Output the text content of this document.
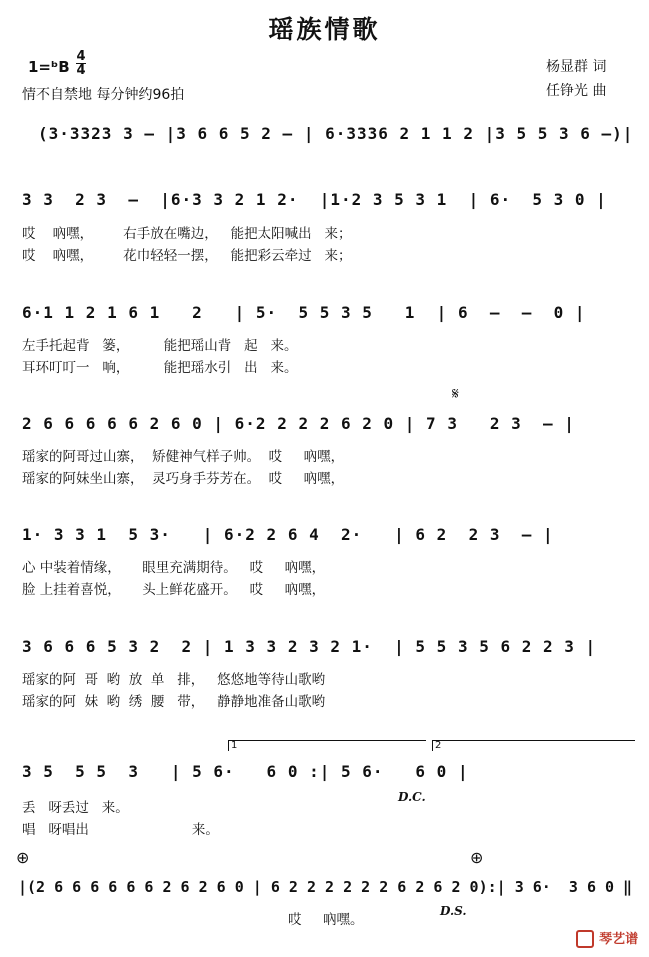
瑶族情歌
1=ᵇB
4
4
情不自禁地 每分钟约96拍
杨显群 词
任铮光 曲
(3·3323 3 – |3 6 6 5 2 – | 6·3336 2 1 1 2 |3 5 5 3 6 –)|
3 3  2 3  –  |6·3 3 2 1 2·  |1·2 3 5 3 1  | 6·  5 3 0 |
哎    吶嘿，       右手放在嘴边，   能把太阳喊出   来；
哎    吶嘿，       花巾轻轻一摆，   能把彩云牵过   来；
6·1 1 2 1 6 1   2   | 5·  5 5 3 5   1  | 6  –  –  0 |
左手托起背   篓，        能把瑶山背   起   来。
耳环叮叮一   响，        能把瑶水引   出   来。
𝄋
2 6 6 6 6 6 2 6 0 | 6·2 2 2 2 6 2 0 | 7 3   2 3  – |
瑶家的阿哥过山寨，  矫健神气样子帅。  哎     吶嘿，
瑶家的阿妹坐山寨，  灵巧身手芬芳在。  哎     吶嘿，
1· 3 3 1  5 3·   | 6·2 2 6 4  2·   | 6 2  2 3  – |
心 中装着情缘，     眼里充满期待。   哎     吶嘿，
脸 上挂着喜悦，     头上鲜花盛开。   哎     吶嘿，
3 6 6 6 5 3 2  2 | 1 3 3 2 3 2 1·  | 5 5 3 5 6 2 2 3 |
瑶家的阿  哥  哟  放  单   排，   悠悠地等待山歌哟
瑶家的阿  妹  哟  绣  腰   带，   静静地准备山歌哟
1	2
3 5  5 5  3   | 5 6·   6 0 :| 5 6·   6 0 |
D.C.
丢   呀丢过   来。
唱   呀唱出                        来。
⊕	⊕
|(2 6 6 6 6 6 6 2 6 2 6 0 | 6 2 2 2 2 2 2 6 2 6 2 0):| 3 6·  3 6 0 ‖
D.S.
哎     吶嘿。
琴艺谱
